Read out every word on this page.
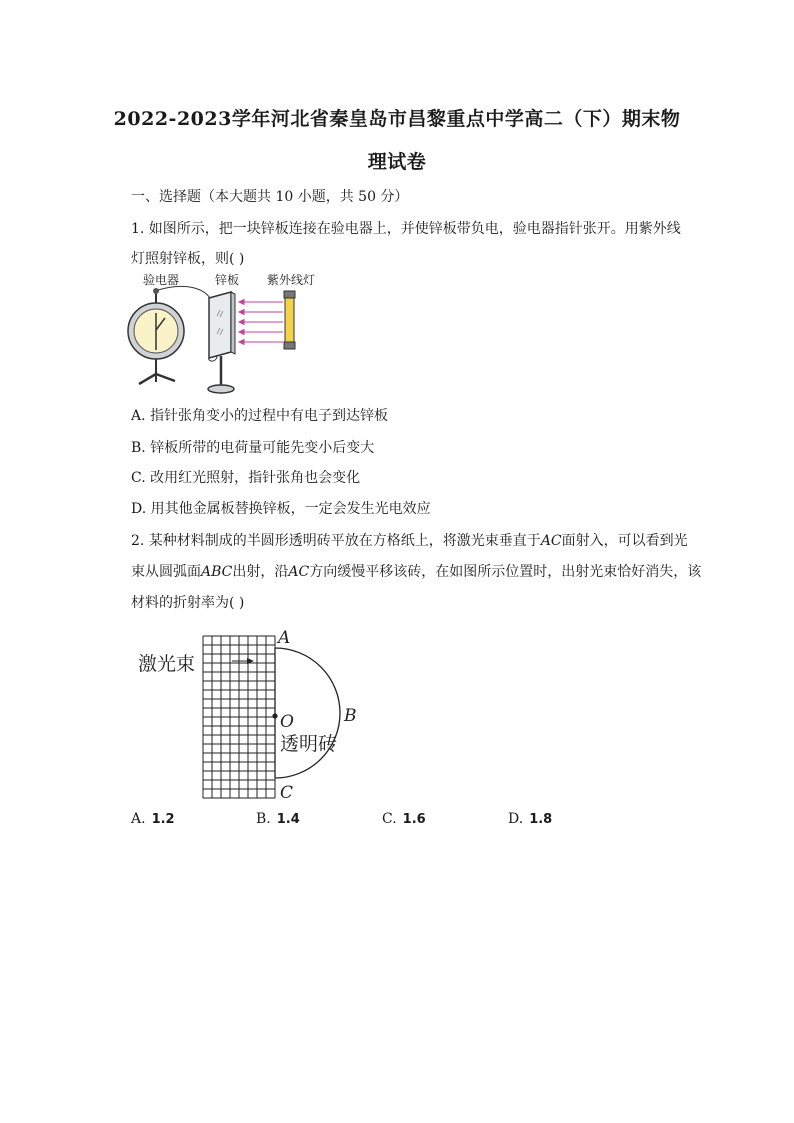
2022-2023学年河北省秦皇岛市昌黎重点中学高二（下）期末物
理试卷
一、选择题（本大题共 10 小题，共 50 分）
1. 如图所示，把一块锌板连接在验电器上，并使锌板带负电，验电器指针张开。用紫外线
灯照射锌板，则( )
验电器	锌板 紫外线灯
A. 指针张角变小的过程中有电子到达锌板
B. 锌板所带的电荷量可能先变小后变大
C. 改用红光照射，指针张角也会变化
D. 用其他金属板替换锌板，一定会发生光电效应
2. 某种材料制成的半圆形透明砖平放在方格纸上，将激光束垂直于AC面射入，可以看到光
束从圆弧面ABC出射，沿AC方向缓慢平移该砖，在如图所示位置时，出射光束恰好消失，该
材料的折射率为( )
激光束
透明砖
A
B
C
O
A. 1.2	B. 1.4	C. 1.6	D. 1.8
